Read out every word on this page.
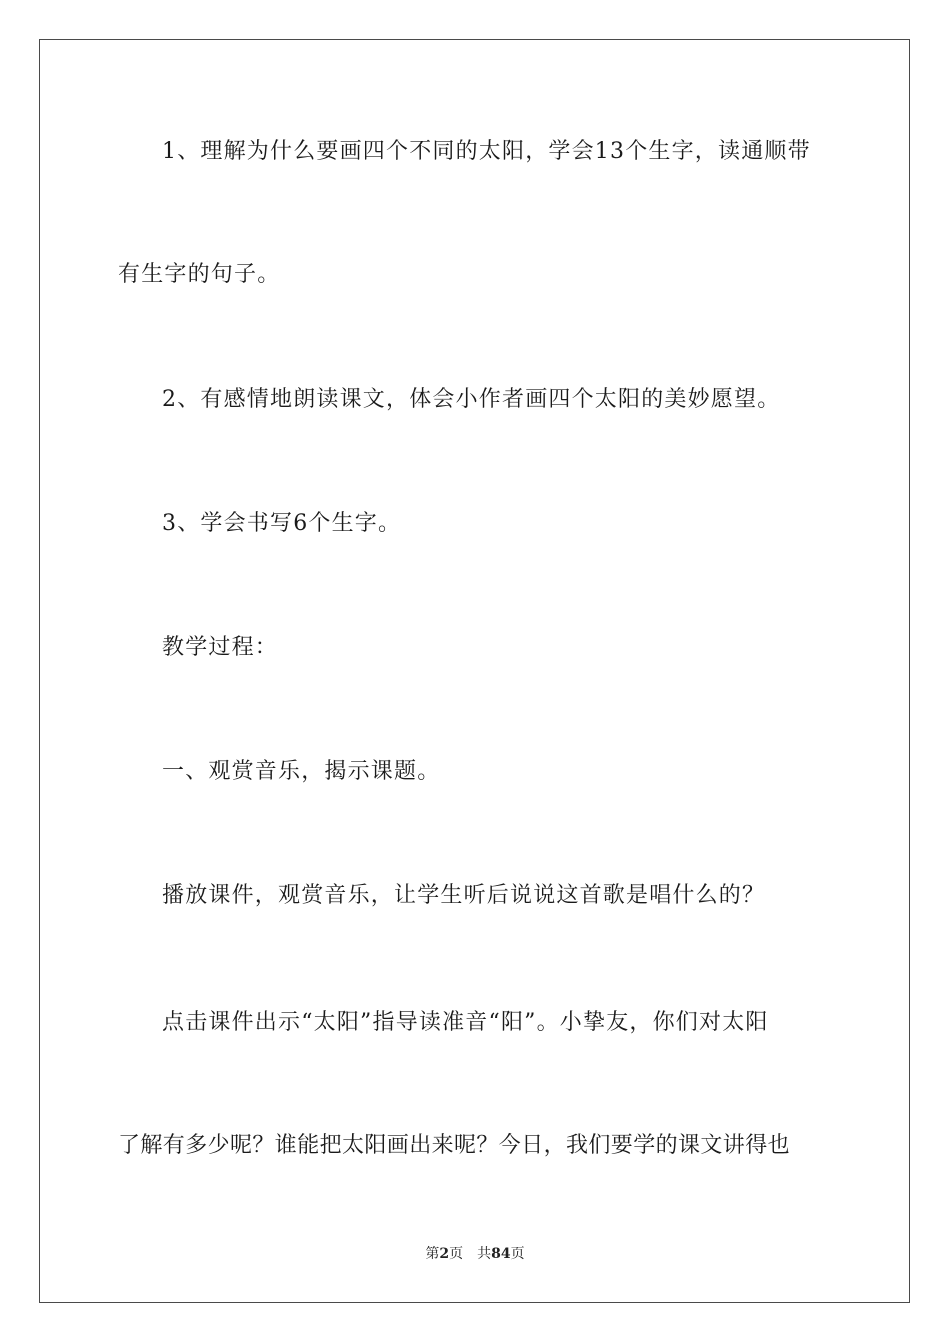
1、理解为什么要画四个不同的太阳，学会13个生字，读通顺带
有生字的句子。
2、有感情地朗读课文，体会小作者画四个太阳的美妙愿望。
3、学会书写6个生字。
教学过程：
一、观赏音乐，揭示课题。
播放课件，观赏音乐，让学生听后说说这首歌是唱什么的？
点击课件出示“太阳”指导读准音“阳”。小挚友，你们对太阳
了解有多少呢？谁能把太阳画出来呢？今日，我们要学的课文讲得也
第2页 共84页
